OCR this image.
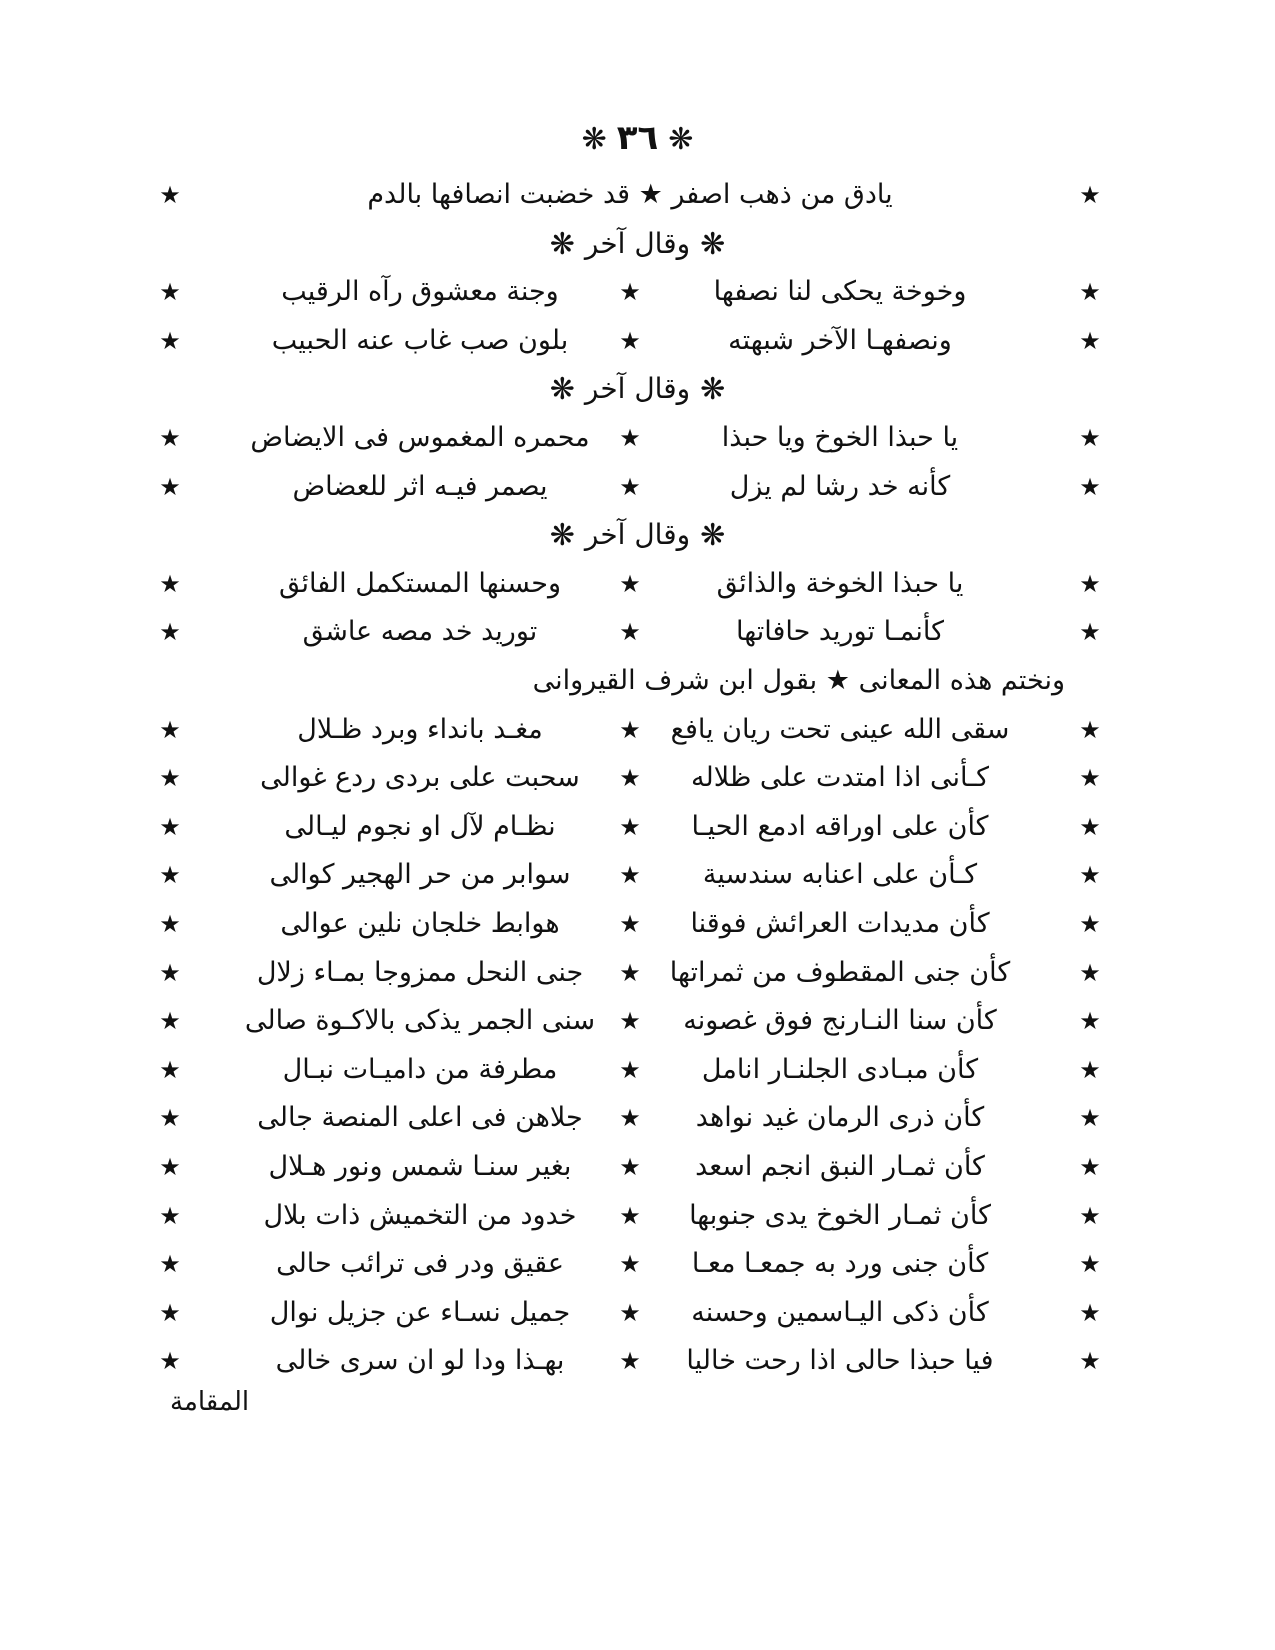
❋٣٦❋
★
يادق من ذهب اصفر ★ قد خضبت انصافها بالدم
★
❋وقال آخر❋
★
وخوخة يحكى لنا نصفها
★
وجنة معشوق رآه الرقيب
★
★
ونصفهـا الآخر شبهته
★
بلون صب غاب عنه الحبيب
★
❋وقال آخر❋
★
يا حبذا الخوخ ويا حبذا
★
محمره المغموس فى الايضاض
★
★
كأنه خد رشا لم يزل
★
يصمر فيـه اثر للعضاض
★
❋وقال آخر❋
★
يا حبذا الخوخة والذائق
★
وحسنها المستكمل الفائق
★
★
كأنمـا توريد حافاتها
★
توريد خد مصه عاشق
★
ونختم هذه المعانى ★ بقول ابن شرف القيروانى
★
سقى الله عينى تحت ريان يافع
★
مغـد بانداء وبرد ظـلال
★
★
كـأنى اذا امتدت على ظلاله
★
سحبت على بردى ردع غوالى
★
★
كأن على اوراقه ادمع الحيـا
★
نظـام لآل او نجوم ليـالى
★
★
كـأن على اعنابه سندسية
★
سوابر من حر الهجير كوالى
★
★
كأن مديدات العرائش فوقنا
★
هوابط خلجان نلين عوالى
★
★
كأن جنى المقطوف من ثمراتها
★
جنى النحل ممزوجا بمـاء زلال
★
★
كأن سنا النـارنج فوق غصونه
★
سنى الجمر يذكى بالاكـوة صالى
★
★
كأن مبـادى الجلنـار انامل
★
مطرفة من داميـات نبـال
★
★
كأن ذرى الرمان غيد نواهد
★
جلاهن فى اعلى المنصة جالى
★
★
كأن ثمـار النبق انجم اسعد
★
بغير سنـا شمس ونور هـلال
★
★
كأن ثمـار الخوخ يدى جنوبها
★
خدود من التخميش ذات بلال
★
★
كأن جنى ورد به جمعـا معـا
★
عقيق ودر فى ترائب حالى
★
★
كأن ذكى اليـاسمين وحسنه
★
جميل نسـاء عن جزيل نوال
★
★
فيا حبذا حالى اذا رحت خاليا
★
بهـذا ودا لو ان سرى خالى
★
المقامة
